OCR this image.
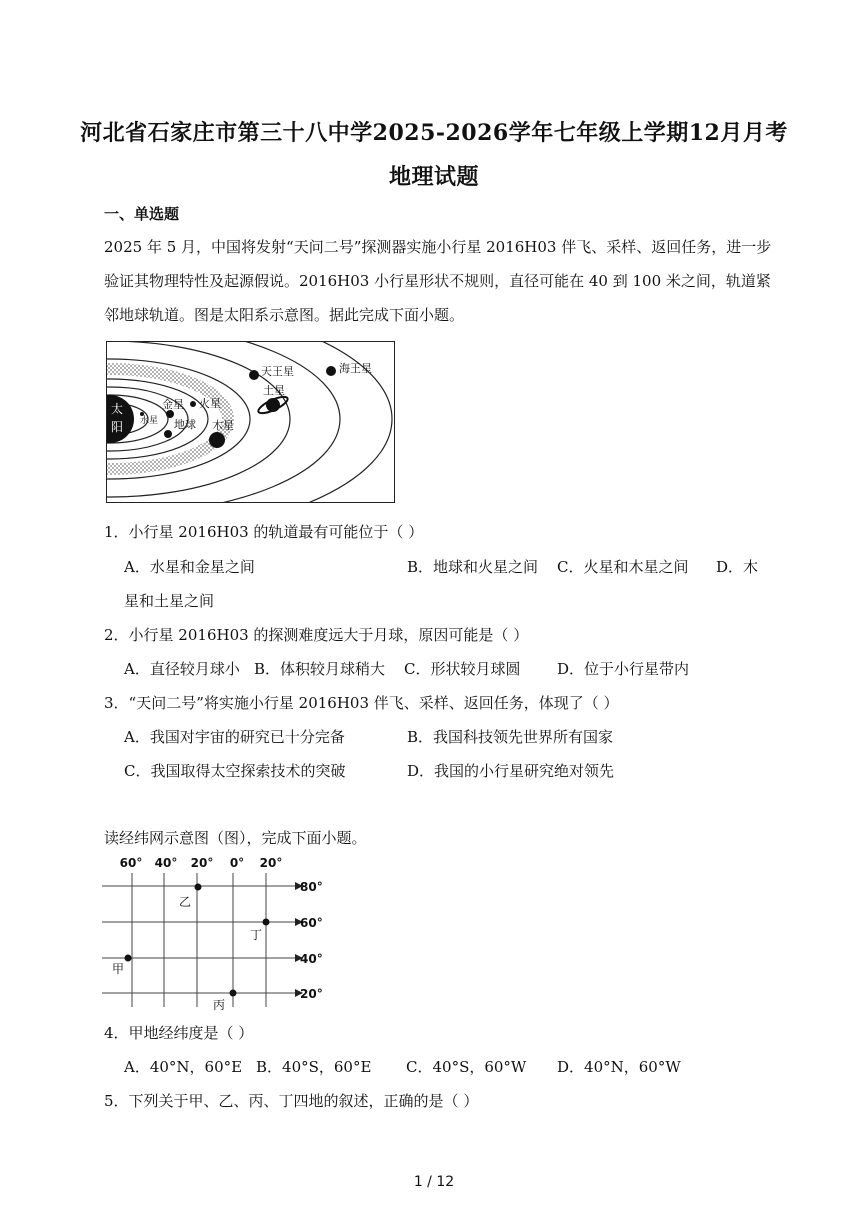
河北省石家庄市第三十八中学2025-2026学年七年级上学期12月月考
地理试题
一、单选题
2025 年 5 月，中国将发射“天问二号”探测器实施小行星 2016H03 伴飞、采样、返回任务，进一步
验证其物理特性及起源假说。2016H03 小行星形状不规则，直径可能在 40 到 100 米之间，轨道紧
邻地球轨道。图是太阳系示意图。据此完成下面小题。
太
阳 水星
金星
地球
火星
木星
土星
天王星	海王星
1．小行星 2016H03 的轨道最有可能位于（ ）
A．水星和金星之间	B．地球和火星之间 C．火星和木星之间 D．木
星和土星之间
2．小行星 2016H03 的探测难度远大于月球，原因可能是（ ）
A．直径较月球小 B．体积较月球稍大 C．形状较月球圆 D．位于小行星带内
3．“天问二号”将实施小行星 2016H03 伴飞、采样、返回任务，体现了（ ）
A．我国对宇宙的研究已十分完备	B．我国科技领先世界所有国家
C．我国取得太空探索技术的突破	D．我国的小行星研究绝对领先
读经纬网示意图（图），完成下面小题。
60° 40° 20° 0° 20°
80°
60°
40°
20°
甲
乙
丙
丁
4．甲地经纬度是（ ）
A．40°N，60°E B．40°S，60°E C．40°S，60°W D．40°N，60°W
5．下列关于甲、乙、丙、丁四地的叙述，正确的是（ ）
1 / 12
